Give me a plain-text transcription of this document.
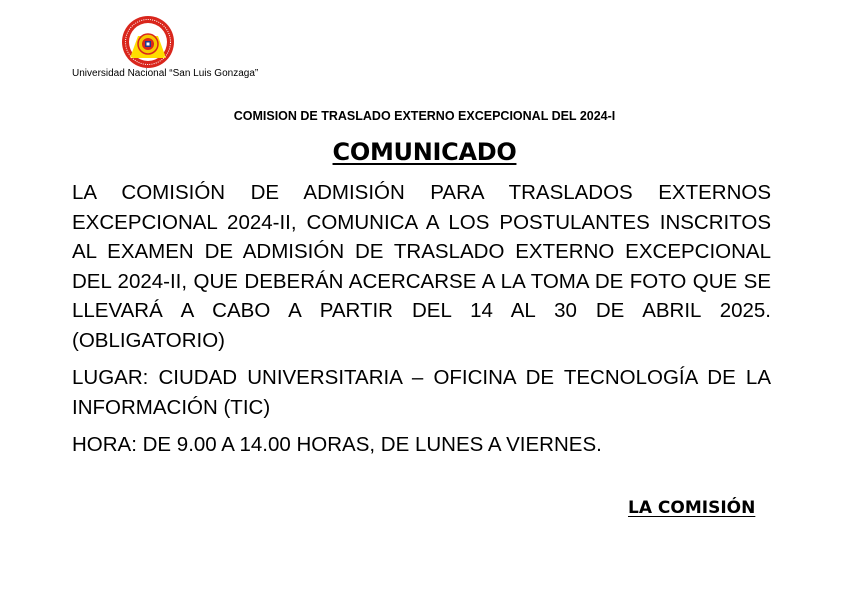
Universidad Nacional “San Luis Gonzaga”
COMISION DE TRASLADO EXTERNO EXCEPCIONAL DEL 2024-I
COMUNICADO
LA COMISIÓN DE ADMISIÓN PARA TRASLADOS EXTERNOS EXCEPCIONAL 2024-II, COMUNICA A LOS POSTULANTES INSCRITOS AL EXAMEN DE ADMISIÓN DE TRASLADO EXTERNO EXCEPCIONAL DEL 2024-II, QUE DEBERÁN ACERCARSE A LA TOMA DE FOTO QUE SE LLEVARÁ A CABO A PARTIR DEL 14 AL 30 DE ABRIL 2025. (OBLIGATORIO)
LUGAR: CIUDAD UNIVERSITARIA – OFICINA DE TECNOLOGÍA DE LA INFORMACIÓN (TIC)
HORA: DE 9.00 A 14.00 HORAS, DE LUNES A VIERNES.
LA COMISIÓN
